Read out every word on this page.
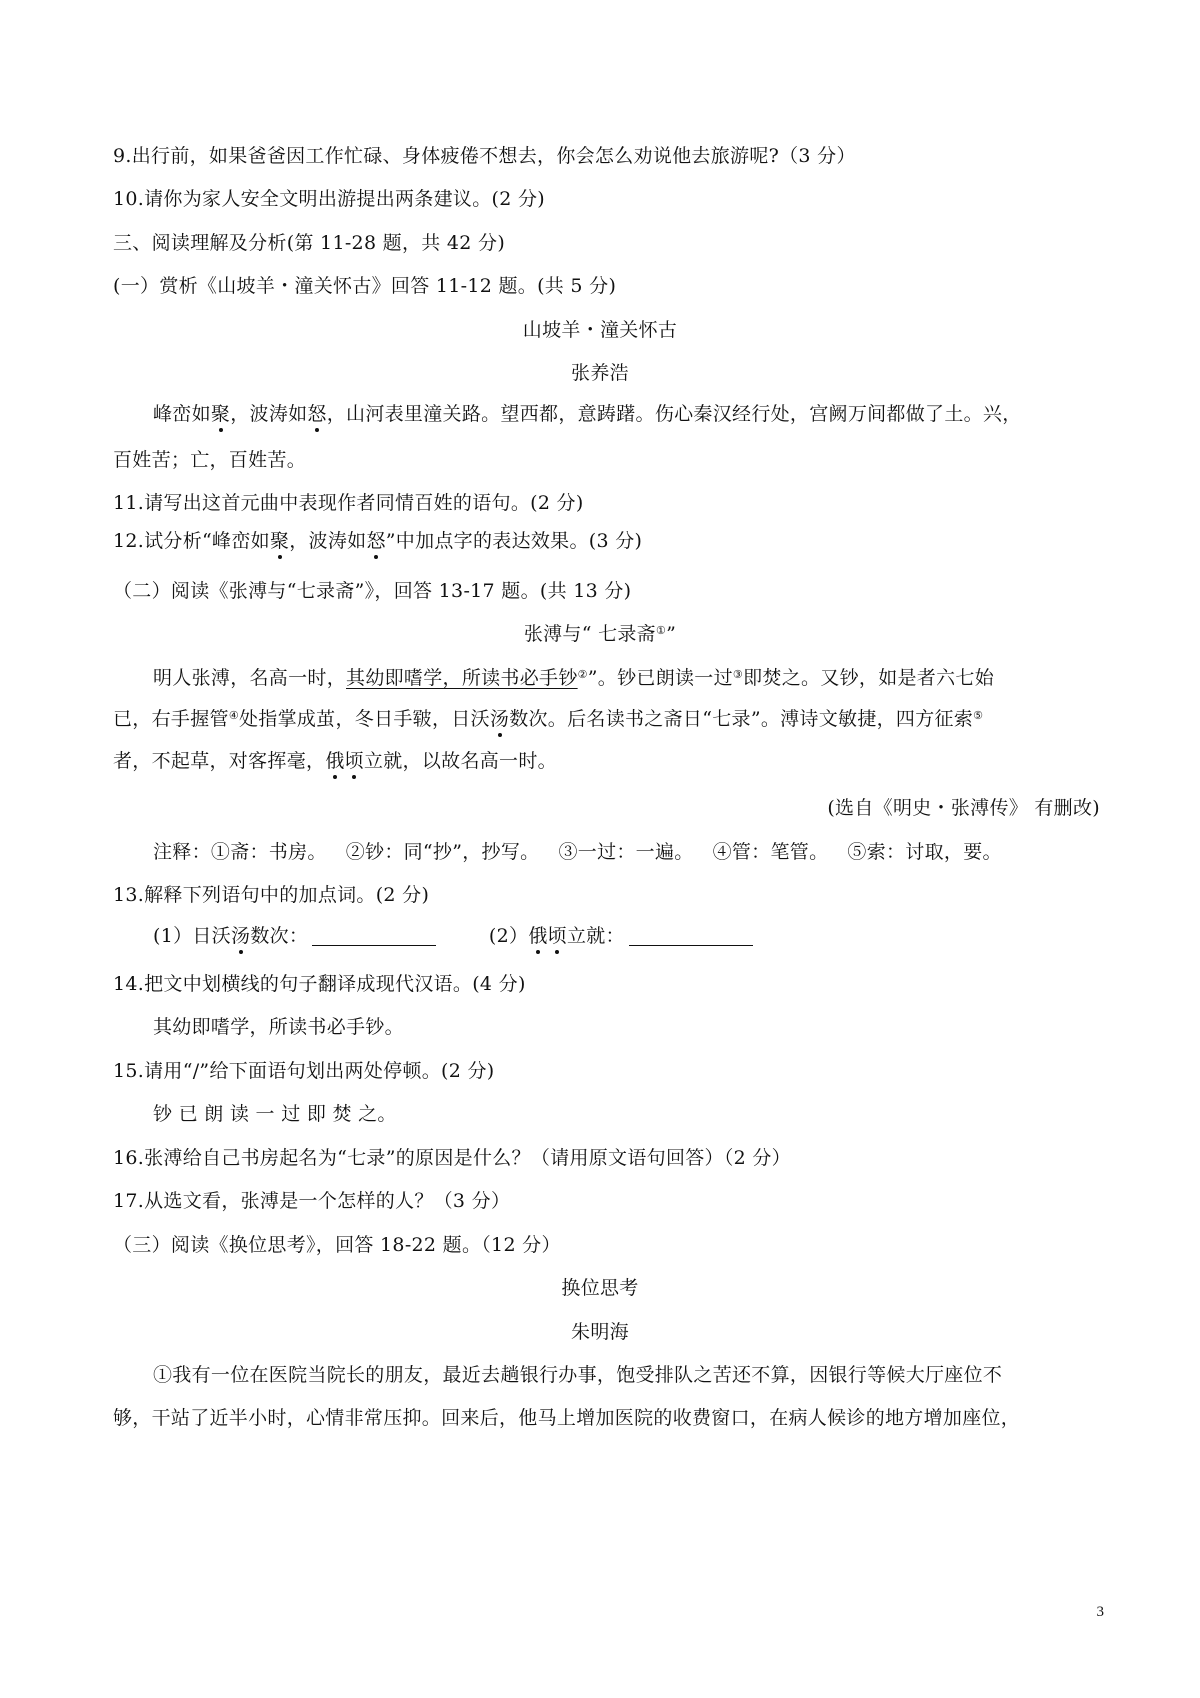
9.出行前，如果爸爸因工作忙碌、身体疲倦不想去，你会怎么劝说他去旅游呢?（3 分）
10.请你为家人安全文明出游提出两条建议。(2 分)
三、阅读理解及分析(第 11-28 题，共 42 分)
(一）赏析《山坡羊・潼关怀古》回答 11-12 题。(共 5 分)
山坡羊・潼关怀古
张养浩
峰峦如聚，波涛如怒，山河表里潼关路。望西都，意踌躇。伤心秦汉经行处，宫阙万间都做了土。兴，
百姓苦；亡，百姓苦。
11.请写出这首元曲中表现作者同情百姓的语句。(2 分)
12.试分析“峰峦如聚，波涛如怒”中加点字的表达效果。(3 分)
（二）阅读《张溥与“七录斋”》，回答 13-17 题。(共 13 分)
张溥与“ 七录斋①”
明人张溥，名高一时，其幼即嗜学，所读书必手钞②”。钞已朗读一过③即焚之。又钞，如是者六七始
已，右手握管④处指掌成茧，冬日手皲，日沃汤数次。后名读书之斋日“七录”。溥诗文敏捷，四方征索⑤
者，不起草，对客挥毫，俄顷立就，以故名高一时。
(选自《明史・张溥传》 有删改)
注释：①斋：书房。   ②钞：同“抄”，抄写。   ③一过：一遍。   ④管：笔管。   ⑤索：讨取，要。
13.解释下列语句中的加点词。(2 分)
(1）日沃汤数次：	(2）俄顷立就：
14.把文中划横线的句子翻译成现代汉语。(4 分)
其幼即嗜学，所读书必手钞。
15.请用“/”给下面语句划出两处停顿。(2 分)
钞 已 朗 读 一 过 即 焚 之。
16.张溥给自己书房起名为“七录”的原因是什么？（请用原文语句回答）（2 分）
17.从选文看，张溥是一个怎样的人？（3 分）
（三）阅读《换位思考》，回答 18-22 题。（12 分）
换位思考
朱明海
①我有一位在医院当院长的朋友，最近去趟银行办事，饱受排队之苦还不算，因银行等候大厅座位不
够，干站了近半小时，心情非常压抑。回来后，他马上增加医院的收费窗口，在病人候诊的地方增加座位，
3
